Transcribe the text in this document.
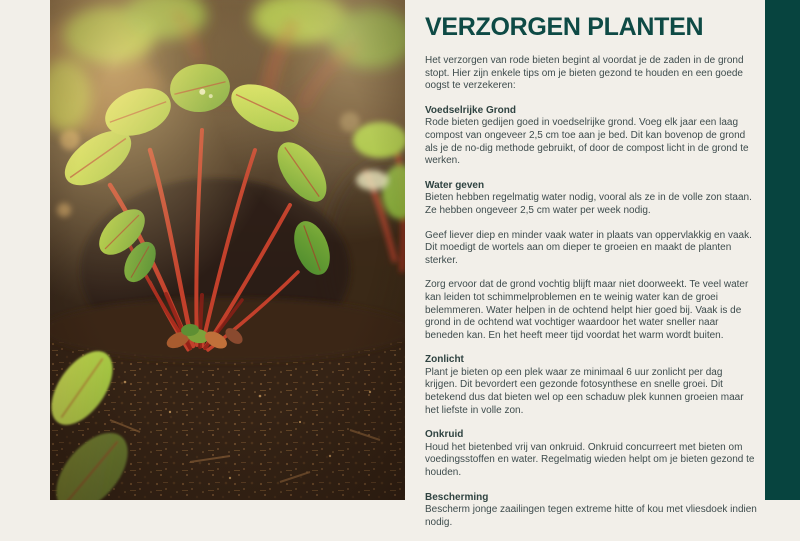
VERZORGEN PLANTEN

Het verzorgen van rode bieten begint al voordat je de zaden in de grond stopt. Hier zijn enkele tips om je bieten gezond te houden en een goede oogst te verzekeren:

Voedselrijke Grond

Rode bieten gedijen goed in voedselrijke grond. Voeg elk jaar een laag compost van ongeveer 2,5 cm toe aan je bed. Dit kan bovenop de grond als je de no-dig methode gebruikt, of door de compost licht in de grond te werken.

Water geven

Bieten hebben regelmatig water nodig, vooral als ze in de volle zon staan. Ze hebben ongeveer 2,5 cm water per week nodig.

Geef liever diep en minder vaak water in plaats van oppervlakkig en vaak. Dit moedigt de wortels aan om dieper te groeien en maakt de planten sterker.

Zorg ervoor dat de grond vochtig blijft maar niet doorweekt. Te veel water kan leiden tot schimmelproblemen en te weinig water kan de groei belemmeren. Water helpen in de ochtend helpt hier goed bij. Vaak is de grond in de ochtend wat vochtiger waardoor het water sneller naar beneden kan. En het heeft meer tijd voordat het warm wordt buiten.

Zonlicht

Plant je bieten op een plek waar ze minimaal 6 uur zonlicht per dag krijgen. Dit bevordert een gezonde fotosynthese en snelle groei. Dit betekend dus dat bieten wel op een schaduw plek kunnen groeien maar het liefste in volle zon.

Onkruid

Houd het bietenbed vrij van onkruid. Onkruid concurreert met bieten om voedingsstoffen en water. Regelmatig wieden helpt om je bieten gezond te houden.

Bescherming

Bescherm jonge zaailingen tegen extreme hitte of kou met vliesdoek indien nodig.
